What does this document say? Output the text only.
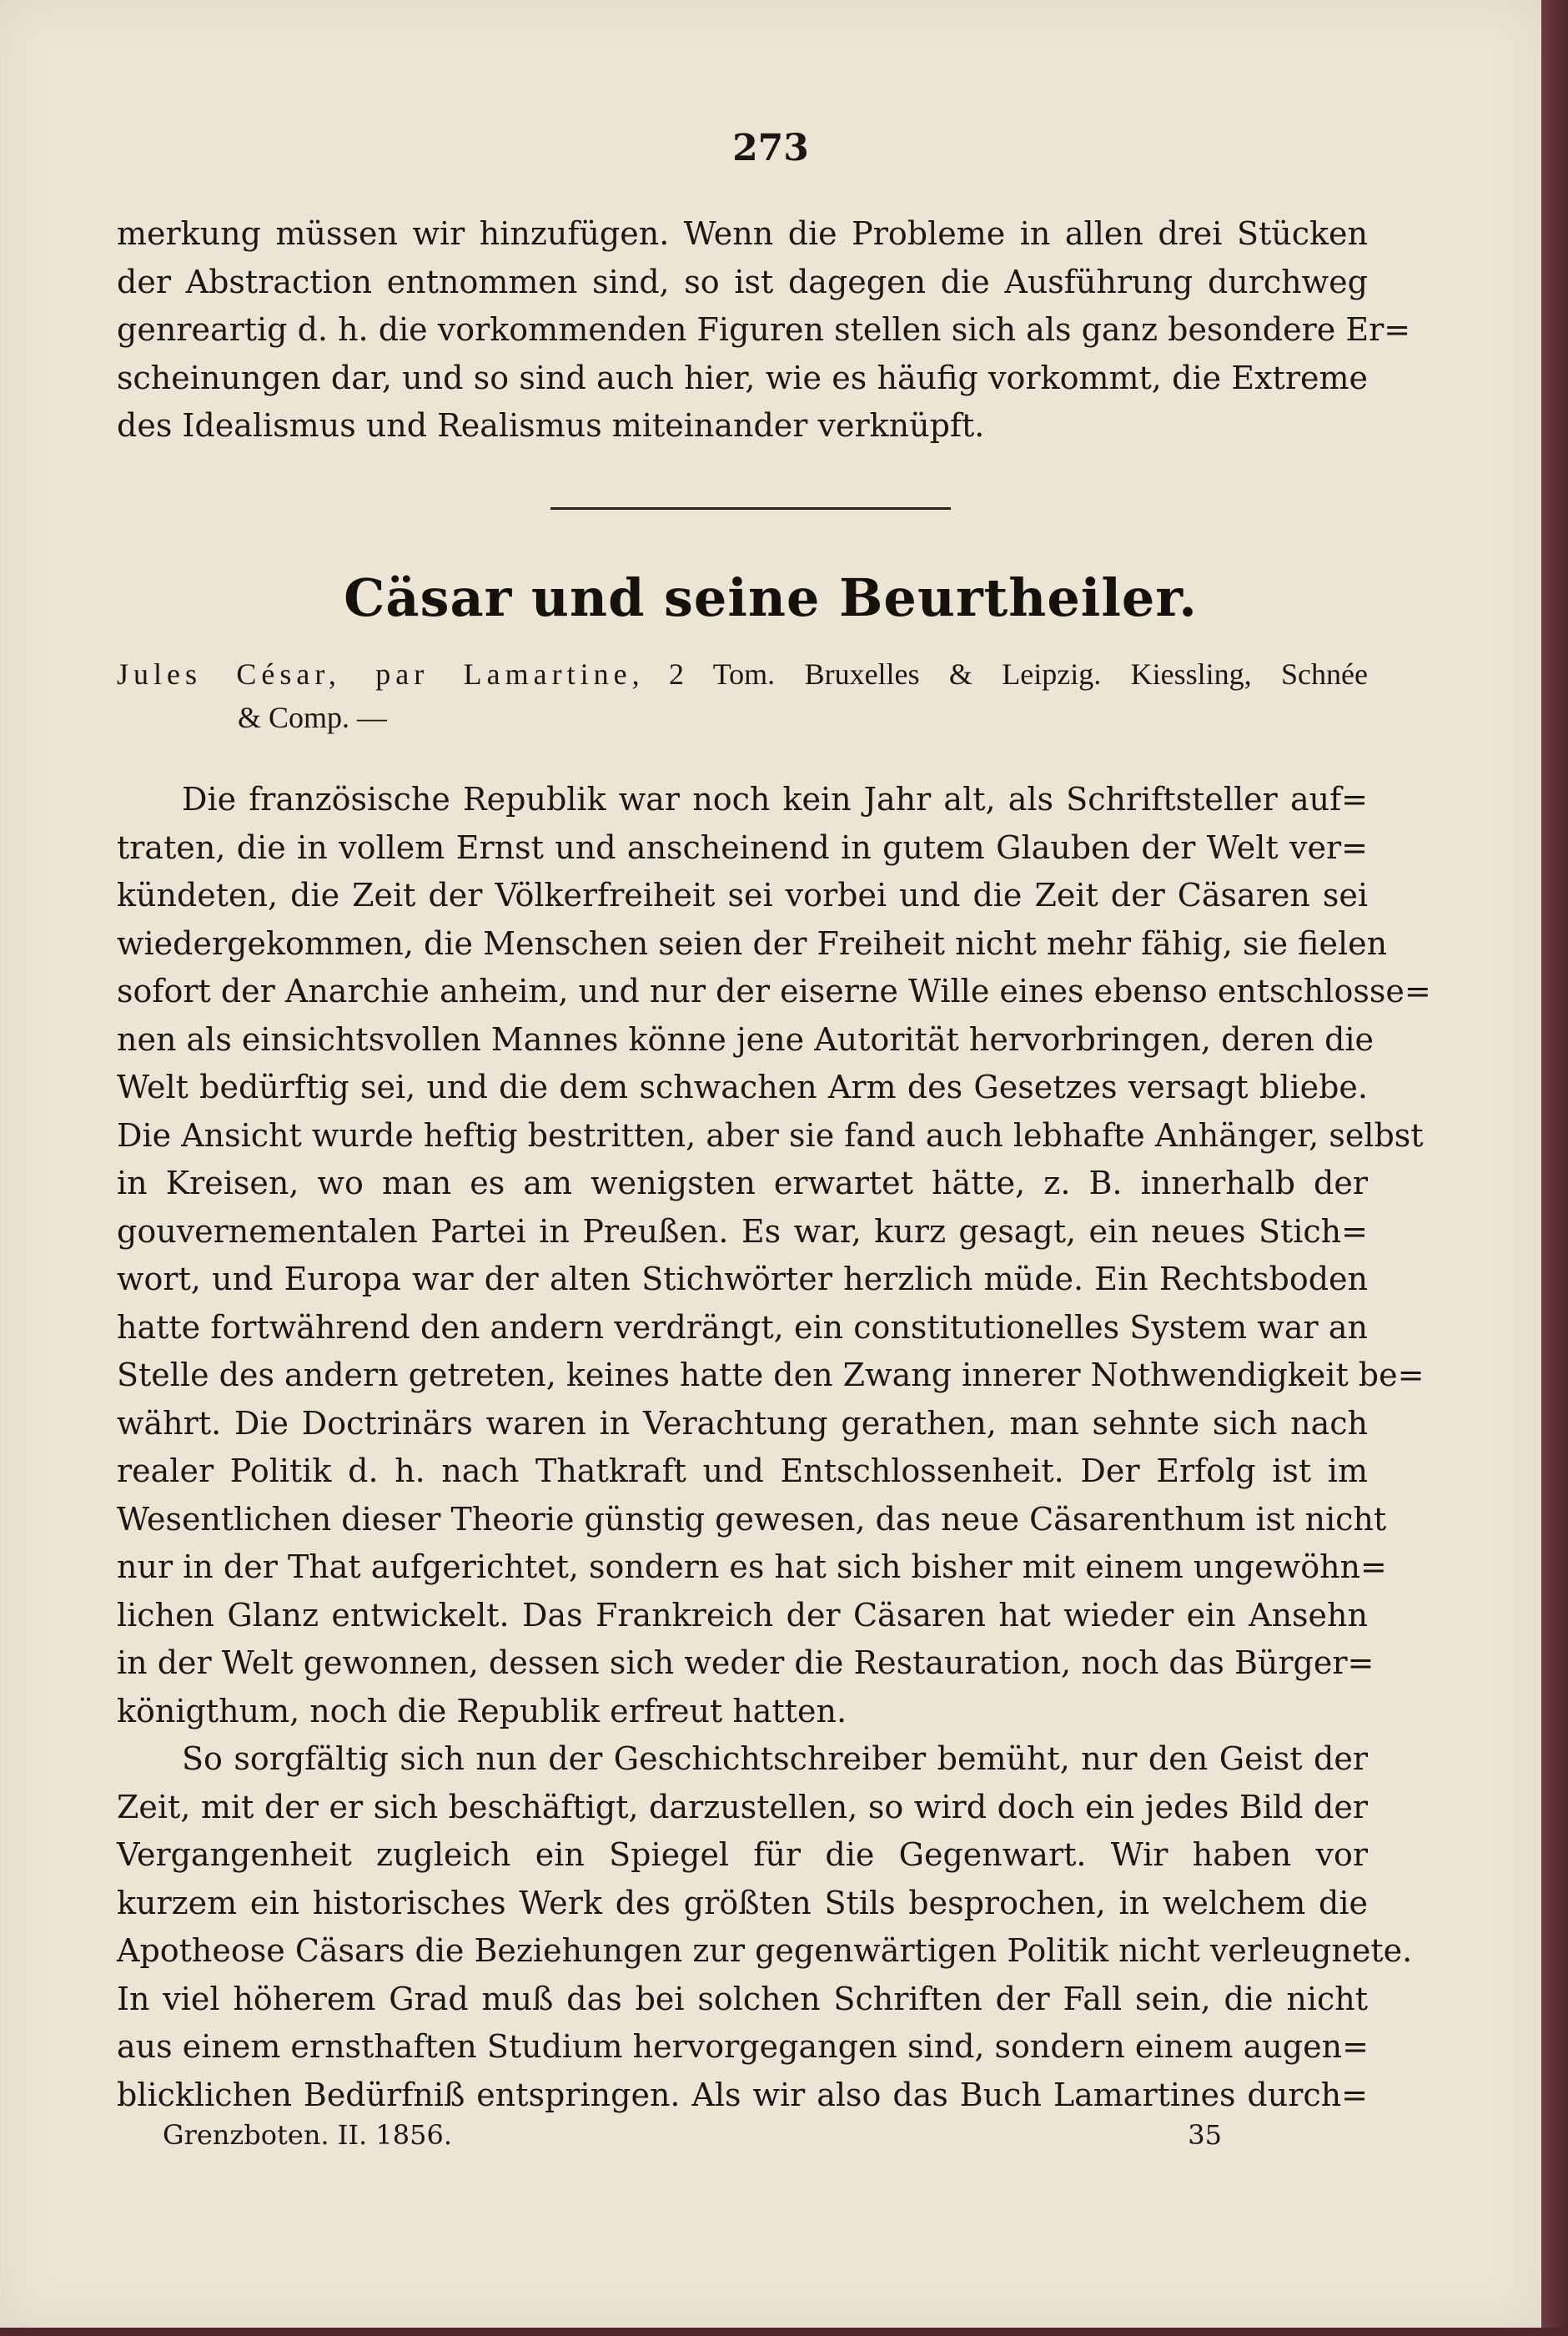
273
merkung müssen wir hinzufügen. Wenn die Probleme in allen drei Stücken
der Abstraction entnommen sind, so ist dagegen die Ausführung durchweg
genreartig d. h. die vorkommenden Figuren stellen sich als ganz besondere Er=
scheinungen dar, und so sind auch hier, wie es häufig vorkommt, die Extreme
des Idealismus und Realismus miteinander verknüpft.
Cäsar und seine Beurtheiler.
Jules César, par Lamartine, 2 Tom. Bruxelles & Leipzig. Kiessling, Schnée
& Comp. —
Die französische Republik war noch kein Jahr alt, als Schriftsteller auf=
traten, die in vollem Ernst und anscheinend in gutem Glauben der Welt ver=
kündeten, die Zeit der Völkerfreiheit sei vorbei und die Zeit der Cäsaren sei
wiedergekommen, die Menschen seien der Freiheit nicht mehr fähig, sie fielen
sofort der Anarchie anheim, und nur der eiserne Wille eines ebenso entschlosse=
nen als einsichtsvollen Mannes könne jene Autorität hervorbringen, deren die
Welt bedürftig sei, und die dem schwachen Arm des Gesetzes versagt bliebe.
Die Ansicht wurde heftig bestritten, aber sie fand auch lebhafte Anhänger, selbst
in Kreisen, wo man es am wenigsten erwartet hätte, z. B. innerhalb der
gouvernementalen Partei in Preußen. Es war, kurz gesagt, ein neues Stich=
wort, und Europa war der alten Stichwörter herzlich müde. Ein Rechtsboden
hatte fortwährend den andern verdrängt, ein constitutionelles System war an
Stelle des andern getreten, keines hatte den Zwang innerer Nothwendigkeit be=
währt. Die Doctrinärs waren in Verachtung gerathen, man sehnte sich nach
realer Politik d. h. nach Thatkraft und Entschlossenheit. Der Erfolg ist im
Wesentlichen dieser Theorie günstig gewesen, das neue Cäsarenthum ist nicht
nur in der That aufgerichtet, sondern es hat sich bisher mit einem ungewöhn=
lichen Glanz entwickelt. Das Frankreich der Cäsaren hat wieder ein Ansehn
in der Welt gewonnen, dessen sich weder die Restauration, noch das Bürger=
königthum, noch die Republik erfreut hatten.
So sorgfältig sich nun der Geschichtschreiber bemüht, nur den Geist der
Zeit, mit der er sich beschäftigt, darzustellen, so wird doch ein jedes Bild der
Vergangenheit zugleich ein Spiegel für die Gegenwart. Wir haben vor
kurzem ein historisches Werk des größten Stils besprochen, in welchem die
Apotheose Cäsars die Beziehungen zur gegenwärtigen Politik nicht verleugnete.
In viel höherem Grad muß das bei solchen Schriften der Fall sein, die nicht
aus einem ernsthaften Studium hervorgegangen sind, sondern einem augen=
blicklichen Bedürfniß entspringen. Als wir also das Buch Lamartines durch=
Grenzboten. II. 1856.	35
